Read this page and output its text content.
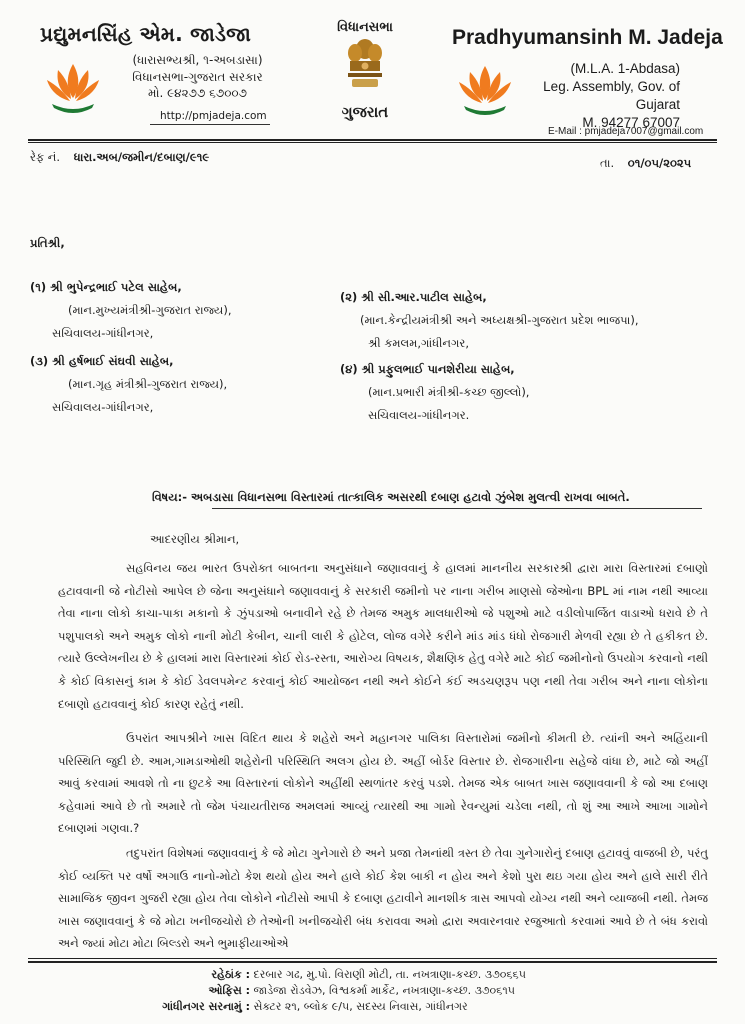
પ્રદ્યુમનસિંહ એમ. જાડેજા
(ધારાસભ્યશ્રી, ૧-અબડાસા)
વિધાનસભા-ગુજરાત સરકાર
મો. ૯૪૨૭૭ ૬૭૦૦૭
http://pmjadeja.com
વિધાનસભા
ગુજરાત
Pradhyumansinh M. Jadeja
(M.L.A. 1-Abdasa)
Leg. Assembly, Gov. of Gujarat
M. 94277 67007
E-Mail : pmjadeja7007@gmail.com
રેફ નં. ધારા.અબ/જમીન/દબાણ/૯૧૯	તા. ૦૧/૦૫/૨૦૨૫
પ્રતિશ્રી,
(૧) શ્રી ભુપેન્દ્રભાઈ પટેલ સાહેબ,
(માન.મુખ્યમંત્રીશ્રી-ગુજરાત રાજ્ય),
સચિવાલય-ગાંધીનગર,
(૩) શ્રી હર્ષભાઈ સંઘવી સાહેબ,
(માન.ગૃહ મંત્રીશ્રી-ગુજરાત રાજ્ય),
સચિવાલય-ગાંધીનગર,
(૨) શ્રી સી.આર.પાટીલ સાહેબ,
(માન.કેન્દ્રીયમંત્રીશ્રી અને અધ્યક્ષશ્રી-ગુજરાત પ્રદેશ ભાજપા),
શ્રી કમલમ,ગાંધીનગર,
(૪) શ્રી પ્રફુલભાઈ પાનશેરીયા સાહેબ,
(માન.પ્રભારી મંત્રીશ્રી-કચ્છ જીલ્લો),
સચિવાલય-ગાંધીનગર.
વિષય:- અબડાસા વિધાનસભા વિસ્તારમાં તાત્કાલિક અસરથી દબાણ હટાવો ઝુંબેશ મુલત્વી રાખવા બાબતે.
આદરણીય શ્રીમાન,
સહવિનય જય ભારત ઉપરોક્ત બાબતના અનુસંધાને જણાવવાનું કે હાલમાં માનનીય સરકારશ્રી દ્વારા મારા વિસ્તારમાં દબાણો હટાવવાની જે નોટીસો આપેલ છે જેના અનુસંધાને જણાવવાનું કે સરકારી જમીનો પર નાના ગરીબ માણસો જેઓના BPL માં નામ નથી આવ્યા તેવા નાના લોકો કાચા-પાકા મકાનો કે ઝુંપડાઓ બનાવીને રહે છે તેમજ અમુક માલધારીઓ જે પશુઓ માટે વડીલોપાર્જિત વાડાઓ ધરાવે છે તે પશુપાલકો અને અમુક લોકો નાની મોટી કેબીન, ચાની લારી કે હોટેલ, લોજ વગેરે કરીને માંડ માંડ ધંધો રોજગારી મેળવી રહ્યા છે તે હકીકત છે. ત્યારે ઉલ્લેખનીય છે કે હાલમાં મારા વિસ્તારમાં કોઈ રોડ-રસ્તા, આરોગ્ય વિષયક, શૈક્ષણિક હેતુ વગેરે માટે કોઈ જમીનોનો ઉપયોગ કરવાનો નથી કે કોઈ વિકાસનું કામ કે કોઈ ડેવલપમેન્ટ કરવાનું કોઈ આયોજન નથી અને કોઈને કંઈ અડચણરૂપ પણ નથી તેવા ગરીબ અને નાના લોકોના દબાણો હટાવવાનું કોઈ કારણ રહેતું નથી.
ઉપરાંત આપશ્રીને ખાસ વિદિત થાય કે શહેરો અને મહાનગર પાલિકા વિસ્તારોમાં જમીનો કીમતી છે. ત્યાંની અને અહિંયાની પરિસ્થિતિ જુદી છે. આમ,ગામડાઓથી શહેરોની પરિસ્થિતિ અલગ હોય છે. અહીં બોર્ડર વિસ્તાર છે. રોજગારીના સહેજે વાંધા છે, માટે જો અહીં આવું કરવામાં આવશે તો ના છુટકે આ વિસ્તારનાં લોકોને અહીંથી સ્થળાંતર કરવું પડશે. તેમજ એક બાબત ખાસ જણાવવાની કે જો આ દબાણ કહેવામાં આવે છે તો અમારે તો જેમ પંચાયતીરાજ અમલમાં આવ્યું ત્યારથી આ ગામો રેવન્યુમાં ચડેલા નથી, તો શું આ આખે આખા ગામોને દબાણમાં ગણવા.?
તદુપરાંત વિશેષમાં જણાવવાનું કે જે મોટા ગુનેગારો છે અને પ્રજા તેમનાંથી ત્રસ્ત છે તેવા ગુનેગારોનું દબાણ હટાવવું વાજબી છે, પરંતુ કોઈ વ્યક્તિ પર વર્ષો અગાઉ નાનો-મોટો કેશ થયો હોય અને હાલે કોઈ કેશ બાકી ન હોય અને કેશો પુરા થઇ ગયા હોય અને હાલે સારી રીતે સામાજિક જીવન ગુજરી રહ્યા હોય તેવા લોકોને નોટીસો આપી કે દબાણ હટાવીને માનશીક ત્રાસ આપવો યોગ્ય નથી અને વ્યાજબી નથી. તેમજ ખાસ જણાવવાનું કે જે મોટા ખનીજચોરો છે તેઓની ખનીજચોરી બંધ કરાવવા અમો દ્વારા અવારનવાર રજુઆતો કરવામાં આવે છે તે બંધ કરાવો અને જ્યાં મોટા મોટા બિલ્ડરો અને ભુમાફીયાઓએ
રહેઠાંક : દરબાર ગઢ, મુ.પો. વિરાણી મોટી, તા. નખત્રાણા-કચ્છ. ૩૭૦૬૬૫
ઓફિસ : જાડેજા રોડવેઝ, વિશ્વકર્મા માર્કેટ, નખત્રાણા-કચ્છ. ૩૭૦૬૧૫
ગાંધીનગર સરનામું : સેક્ટર ૨૧, બ્લોક ૯/૫, સદસ્ય નિવાસ, ગાંધીનગર
